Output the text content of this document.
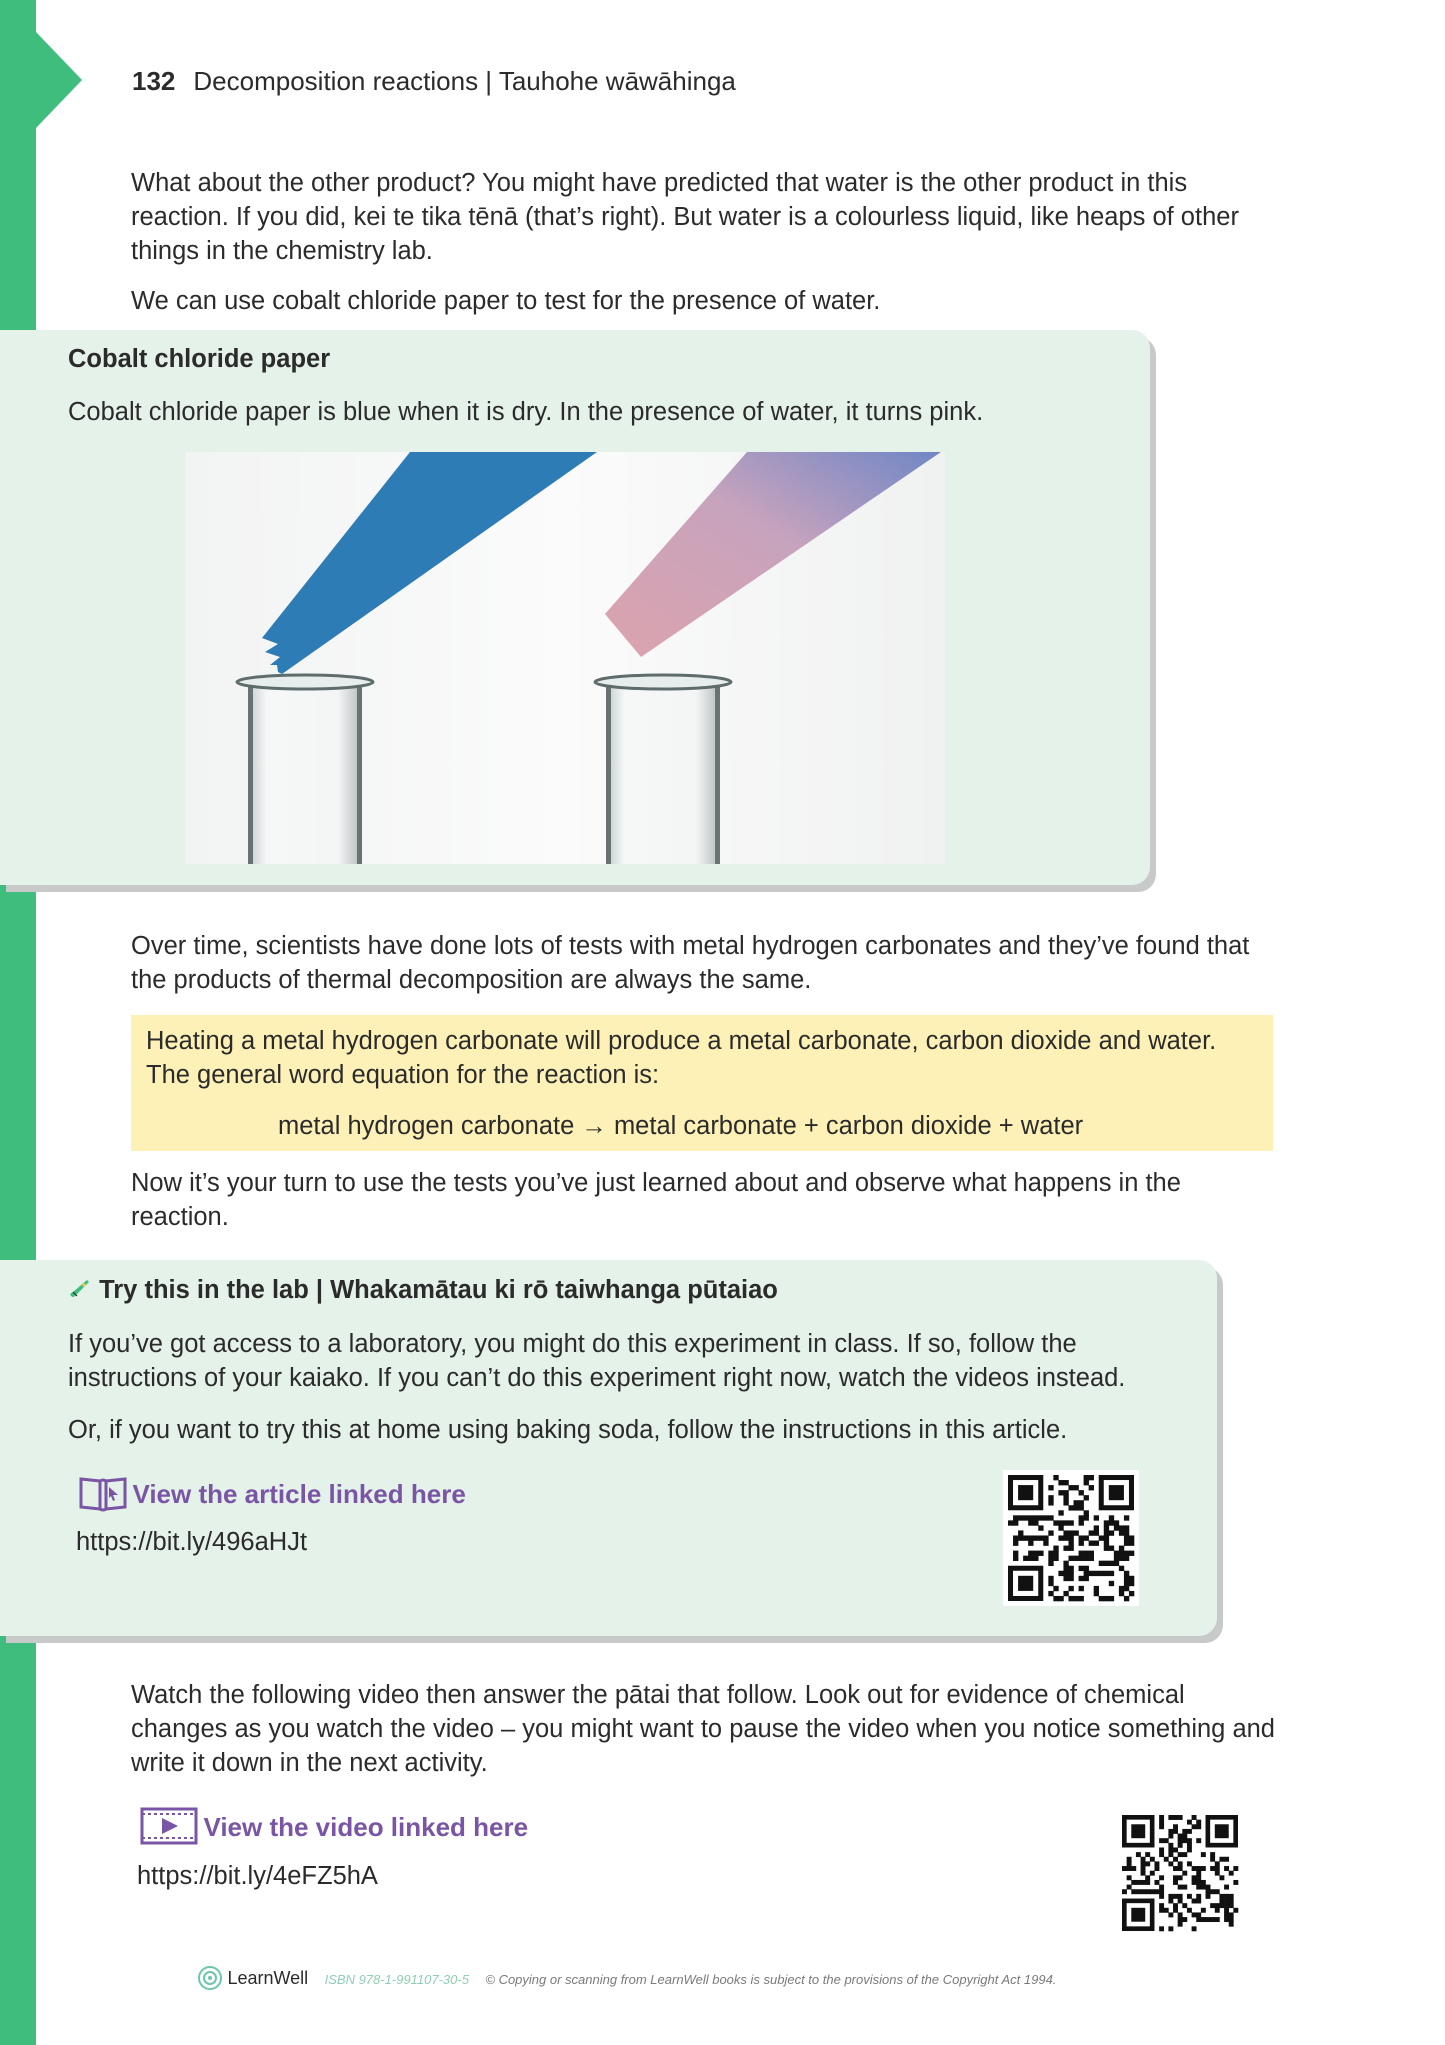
132 Decomposition reactions | Tauhohe wāwāhinga
What about the other product? You might have predicted that water is the other product in this reaction. If you did, kei te tika tēnā (that’s right). But water is a colourless liquid, like heaps of other things in the chemistry lab.
We can use cobalt chloride paper to test for the presence of water.
Cobalt chloride paper
Cobalt chloride paper is blue when it is dry. In the presence of water, it turns pink.
Over time, scientists have done lots of tests with metal hydrogen carbonates and they’ve found that the products of thermal decomposition are always the same.
Heating a metal hydrogen carbonate will produce a metal carbonate, carbon dioxide and water. The general word equation for the reaction is:
metal hydrogen carbonate → metal carbonate + carbon dioxide + water
Now it’s your turn to use the tests you’ve just learned about and observe what happens in the reaction.
Try this in the lab | Whakamātau ki rō taiwhanga pūtaiao
If you’ve got access to a laboratory, you might do this experiment in class. If so, follow the instructions of your kaiako. If you can’t do this experiment right now, watch the videos instead.
Or, if you want to try this at home using baking soda, follow the instructions in this article.
View the article linked here
https://bit.ly/496aHJt
Watch the following video then answer the pātai that follow. Look out for evidence of chemical changes as you watch the video – you might want to pause the video when you notice something and write it down in the next activity.
View the video linked here
https://bit.ly/4eFZ5hA
LearnWell ISBN 978-1-991107-30-5 © Copying or scanning from LearnWell books is subject to the provisions of the Copyright Act 1994.
